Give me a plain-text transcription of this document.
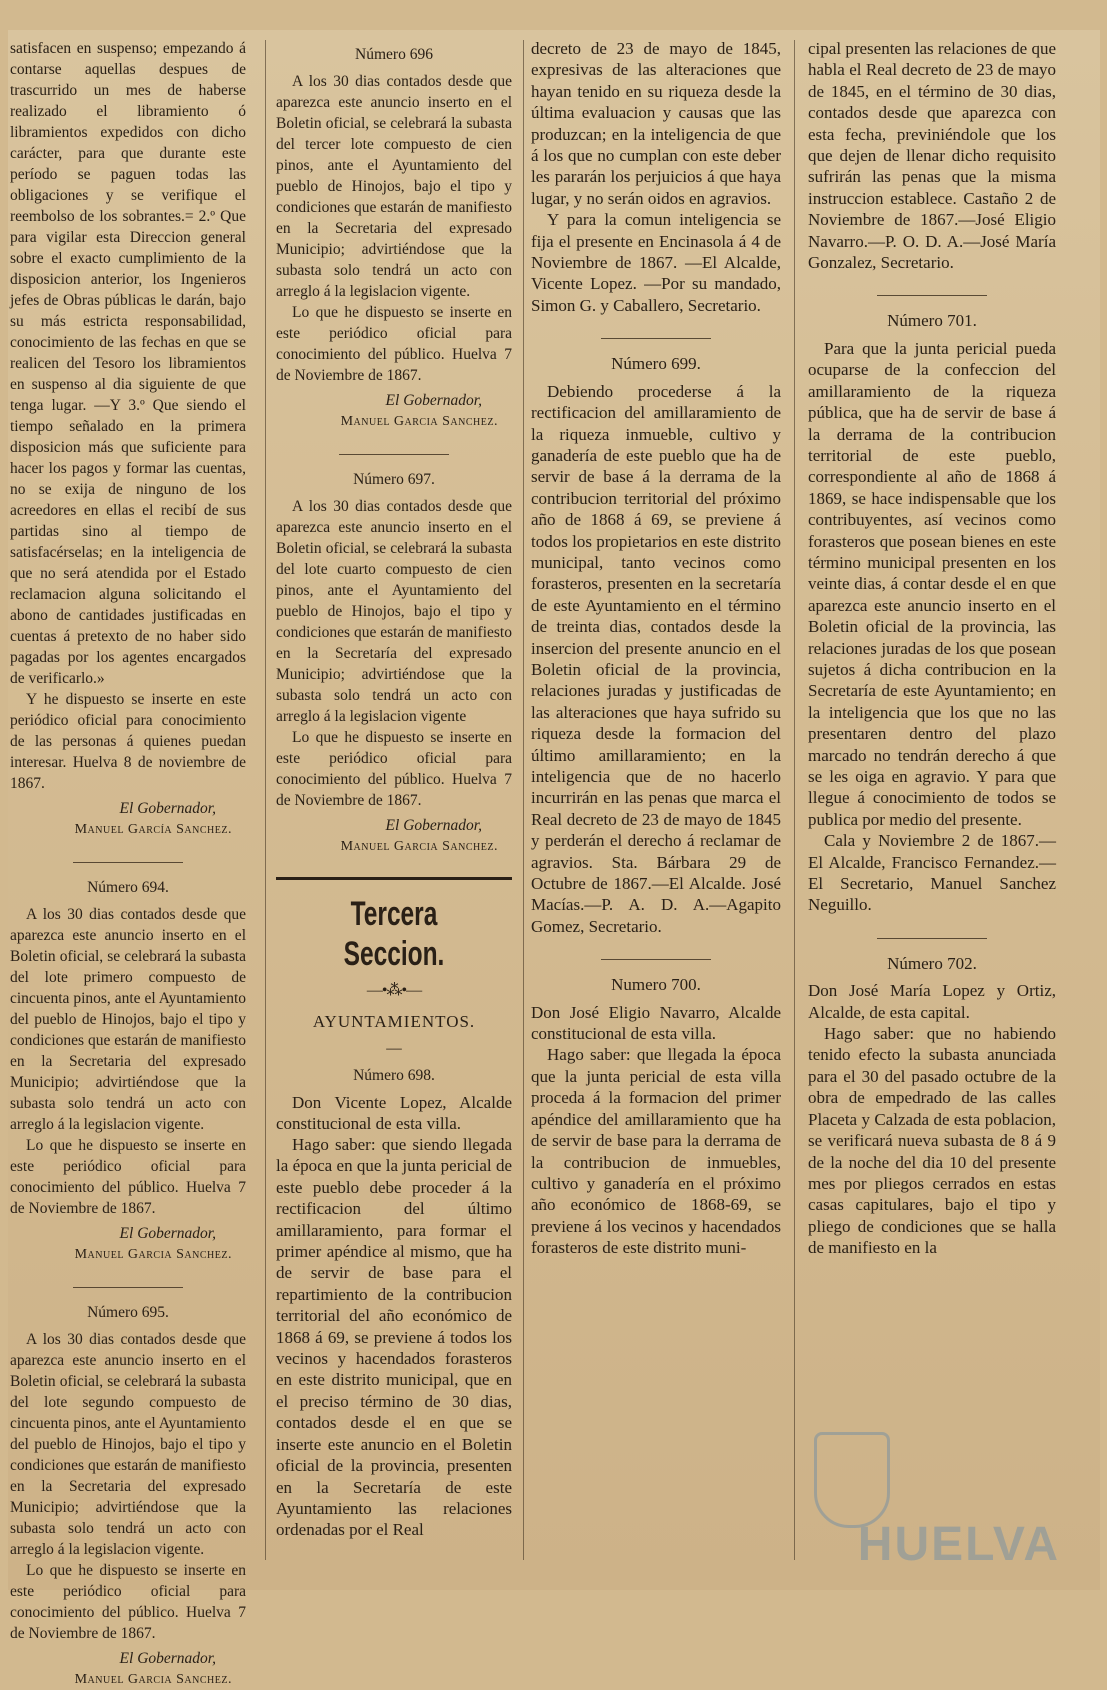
satisfacen en suspenso; empezando á contarse aquellas despues de trascurrido un mes de haberse realizado el libramiento ó libramientos expedidos con dicho carácter, para que durante este período se paguen todas las obligaciones y se verifique el reembolso de los sobrantes.= 2.º Que para vigilar esta Direccion general sobre el exacto cumplimiento de la disposicion anterior, los Ingenieros jefes de Obras públicas le darán, bajo su más estricta responsabilidad, conocimiento de las fechas en que se realicen del Tesoro los libramientos en suspenso al dia siguiente de que tenga lugar. —Y 3.º Que siendo el tiempo señalado en la primera disposicion más que suficiente para hacer los pagos y formar las cuentas, no se exija de ninguno de los acreedores en ellas el recibí de sus partidas sino al tiempo de satisfacérselas; en la inteligencia de que no será atendida por el Estado reclamacion alguna solicitando el abono de cantidades justificadas en cuentas á pretexto de no haber sido pagadas por los agentes encargados de verificarlo.»

Y he dispuesto se inserte en este periódico oficial para conocimiento de las personas á quienes puedan interesar. Huelva 8 de noviembre de 1867.

El Gobernador,

Manuel García Sanchez.

Número 694.

A los 30 dias contados desde que aparezca este anuncio inserto en el Boletin oficial, se celebrará la subasta del lote primero compuesto de cincuenta pinos, ante el Ayuntamiento del pueblo de Hinojos, bajo el tipo y condiciones que estarán de manifiesto en la Secretaria del expresado Municipio; advirtiéndose que la subasta solo tendrá un acto con arreglo á la legislacion vigente.

Lo que he dispuesto se inserte en este periódico oficial para conocimiento del público. Huelva 7 de Noviembre de 1867.

El Gobernador,

Manuel Garcia Sanchez.

Número 695.

A los 30 dias contados desde que aparezca este anuncio inserto en el Boletin oficial, se celebrará la subasta del lote segundo compuesto de cincuenta pinos, ante el Ayuntamiento del pueblo de Hinojos, bajo el tipo y condiciones que estarán de manifiesto en la Secretaria del expresado Municipio; advirtiéndose que la subasta solo tendrá un acto con arreglo á la legislacion vigente.

Lo que he dispuesto se inserte en este periódico oficial para conocimiento del público. Huelva 7 de Noviembre de 1867.

El Gobernador,

Manuel Garcia Sanchez.

Número 696

A los 30 dias contados desde que aparezca este anuncio inserto en el Boletin oficial, se celebrará la subasta del tercer lote compuesto de cien pinos, ante el Ayuntamiento del pueblo de Hinojos, bajo el tipo y condiciones que estarán de manifiesto en la Secretaria del expresado Municipio; advirtiéndose que la subasta solo tendrá un acto con arreglo á la legislacion vigente.

Lo que he dispuesto se inserte en este periódico oficial para conocimiento del público. Huelva 7 de Noviembre de 1867.

El Gobernador,

Manuel Garcia Sanchez.

Número 697.

A los 30 dias contados desde que aparezca este anuncio inserto en el Boletin oficial, se celebrará la subasta del lote cuarto compuesto de cien pinos, ante el Ayuntamiento del pueblo de Hinojos, bajo el tipo y condiciones que estarán de manifiesto en la Secretaría del expresado Municipio; advirtiéndose que la subasta solo tendrá un acto con arreglo á la legislacion vigente

Lo que he dispuesto se inserte en este periódico oficial para conocimiento del público. Huelva 7 de Noviembre de 1867.

El Gobernador,

Manuel Garcia Sanchez.

Tercera Seccion.
—•⁂•—
AYUNTAMIENTOS.
—

Número 698.

Don Vicente Lopez, Alcalde constitucional de esta villa.

Hago saber: que siendo llegada la época en que la junta pericial de este pueblo debe proceder á la rectificacion del último amillaramiento, para formar el primer apéndice al mismo, que ha de servir de base para el repartimiento de la contribucion territorial del año económico de 1868 á 69, se previene á todos los vecinos y hacendados forasteros en este distrito municipal, que en el preciso término de 30 dias, contados desde el en que se inserte este anuncio en el Boletin oficial de la provincia, presenten en la Secretaría de este Ayuntamiento las relaciones ordenadas por el Real

decreto de 23 de mayo de 1845, expresivas de las alteraciones que hayan tenido en su riqueza desde la última evaluacion y causas que las produzcan; en la inteligencia de que á los que no cumplan con este deber les pararán los perjuicios á que haya lugar, y no serán oidos en agravios.

Y para la comun inteligencia se fija el presente en Encinasola á 4 de Noviembre de 1867. —El Alcalde, Vicente Lopez. —Por su mandado, Simon G. y Caballero, Secretario.

Número 699.

Debiendo procederse á la rectificacion del amillaramiento de la riqueza inmueble, cultivo y ganadería de este pueblo que ha de servir de base á la derrama de la contribucion territorial del próximo año de 1868 á 69, se previene á todos los propietarios en este distrito municipal, tanto vecinos como forasteros, presenten en la secretaría de este Ayuntamiento en el término de treinta dias, contados desde la insercion del presente anuncio en el Boletin oficial de la provincia, relaciones juradas y justificadas de las alteraciones que haya sufrido su riqueza desde la formacion del último amillaramiento; en la inteligencia que de no hacerlo incurrirán en las penas que marca el Real decreto de 23 de mayo de 1845 y perderán el derecho á reclamar de agravios. Sta. Bárbara 29 de Octubre de 1867.—El Alcalde. José Macías.—P. A. D. A.—Agapito Gomez, Secretario.

Numero 700.

Don José Eligio Navarro, Alcalde constitucional de esta villa.

Hago saber: que llegada la época que la junta pericial de esta villa proceda á la formacion del primer apéndice del amillaramiento que ha de servir de base para la derrama de la contribucion de inmuebles, cultivo y ganadería en el próximo año económico de 1868-69, se previene á los vecinos y hacendados forasteros de este distrito muni-

cipal presenten las relaciones de que habla el Real decreto de 23 de mayo de 1845, en el término de 30 dias, contados desde que aparezca con esta fecha, previniéndole que los que dejen de llenar dicho requisito sufrirán las penas que la misma instruccion establece. Castaño 2 de Noviembre de 1867.—José Eligio Navarro.—P. O. D. A.—José María Gonzalez, Secretario.

Número 701.

Para que la junta pericial pueda ocuparse de la confeccion del amillaramiento de la riqueza pública, que ha de servir de base á la derrama de la contribucion territorial de este pueblo, correspondiente al año de 1868 á 1869, se hace indispensable que los contribuyentes, así vecinos como forasteros que posean bienes en este término municipal presenten en los veinte dias, á contar desde el en que aparezca este anuncio inserto en el Boletin oficial de la provincia, las relaciones juradas de los que posean sujetos á dicha contribucion en la Secretaría de este Ayuntamiento; en la inteligencia que los que no las presentaren dentro del plazo marcado no tendrán derecho á que se les oiga en agravio. Y para que llegue á conocimiento de todos se publica por medio del presente.

Cala y Noviembre 2 de 1867.—El Alcalde, Francisco Fernandez.—El Secretario, Manuel Sanchez Neguillo.

Número 702.

Don José María Lopez y Ortiz, Alcalde, de esta capital.

Hago saber: que no habiendo tenido efecto la subasta anunciada para el 30 del pasado octubre de la obra de empedrado de las calles Placeta y Calzada de esta poblacion, se verificará nueva subasta de 8 á 9 de la noche del dia 10 del presente mes por pliegos cerrados en estas casas capitulares, bajo el tipo y pliego de condiciones que se halla de manifiesto en la

HUELVA
